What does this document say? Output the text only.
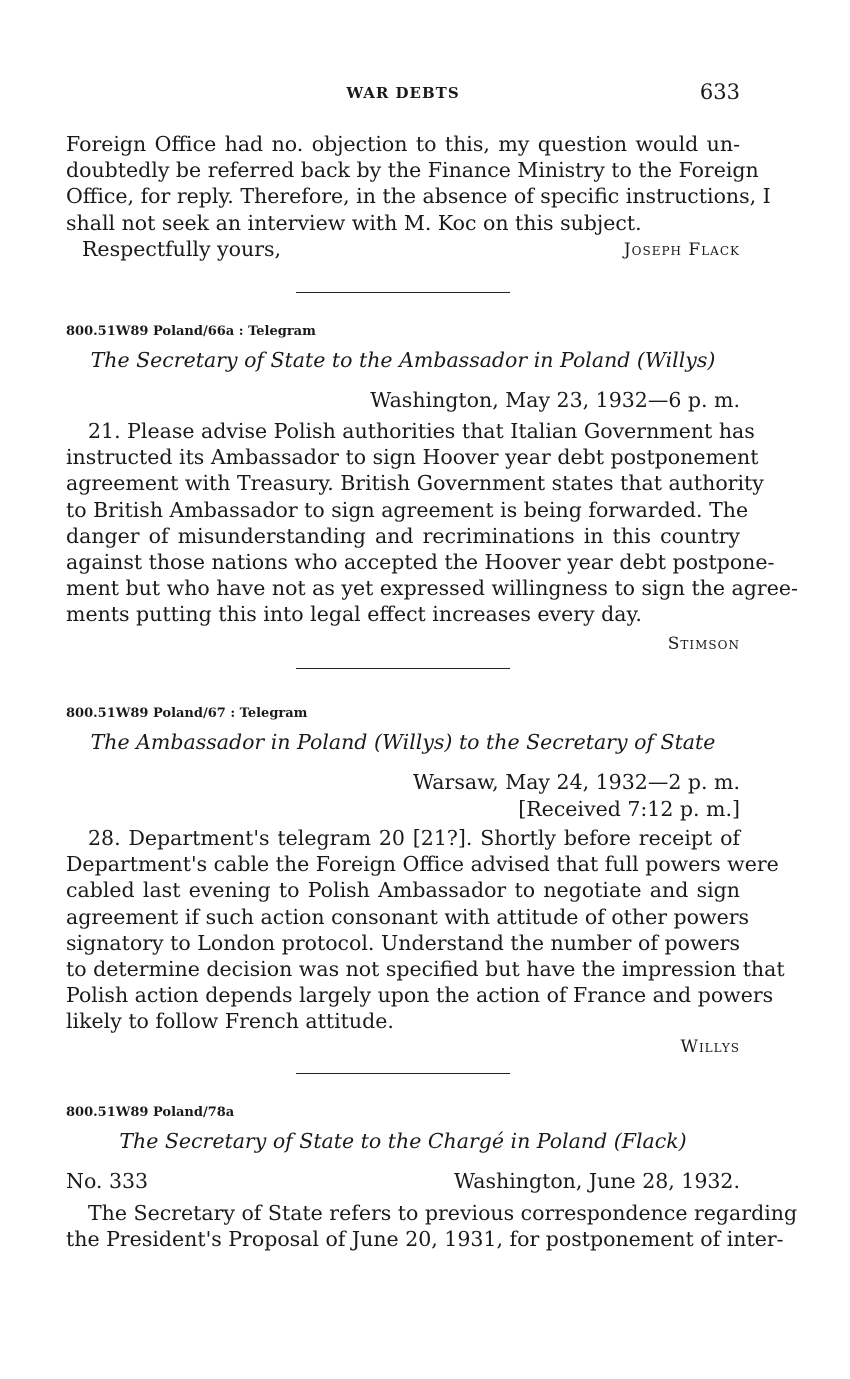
WAR DEBTS	633
Foreign Office had no. objection to this, my question would un-
doubtedly be referred back by the Finance Ministry to the Foreign
Office, for reply. Therefore, in the absence of specific instructions, I
shall not seek an interview with M. Koc on this subject.
Respectfully yours,	Joseph Flack
800.51W89 Poland/66a : Telegram
The Secretary of State to the Ambassador in Poland (Willys)
Washington, May 23, 1932—6 p. m.
21. Please advise Polish authorities that Italian Government has
instructed its Ambassador to sign Hoover year debt postponement
agreement with Treasury. British Government states that authority
to British Ambassador to sign agreement is being forwarded. The
danger of misunderstanding and recriminations in this country
against those nations who accepted the Hoover year debt postpone-
ment but who have not as yet expressed willingness to sign the agree-
ments putting this into legal effect increases every day.
Stimson
800.51W89 Poland/67 : Telegram
The Ambassador in Poland (Willys) to the Secretary of State
Warsaw, May 24, 1932—2 p. m.
[Received 7:12 p. m.]
28. Department's telegram 20 [21?]. Shortly before receipt of
Department's cable the Foreign Office advised that full powers were
cabled last evening to Polish Ambassador to negotiate and sign
agreement if such action consonant with attitude of other powers
signatory to London protocol. Understand the number of powers
to determine decision was not specified but have the impression that
Polish action depends largely upon the action of France and powers
likely to follow French attitude.
Willys
800.51W89 Poland/78a
The Secretary of State to the Chargé in Poland (Flack)
No. 333	Washington, June 28, 1932.
The Secretary of State refers to previous correspondence regarding
the President's Proposal of June 20, 1931, for postponement of inter-
